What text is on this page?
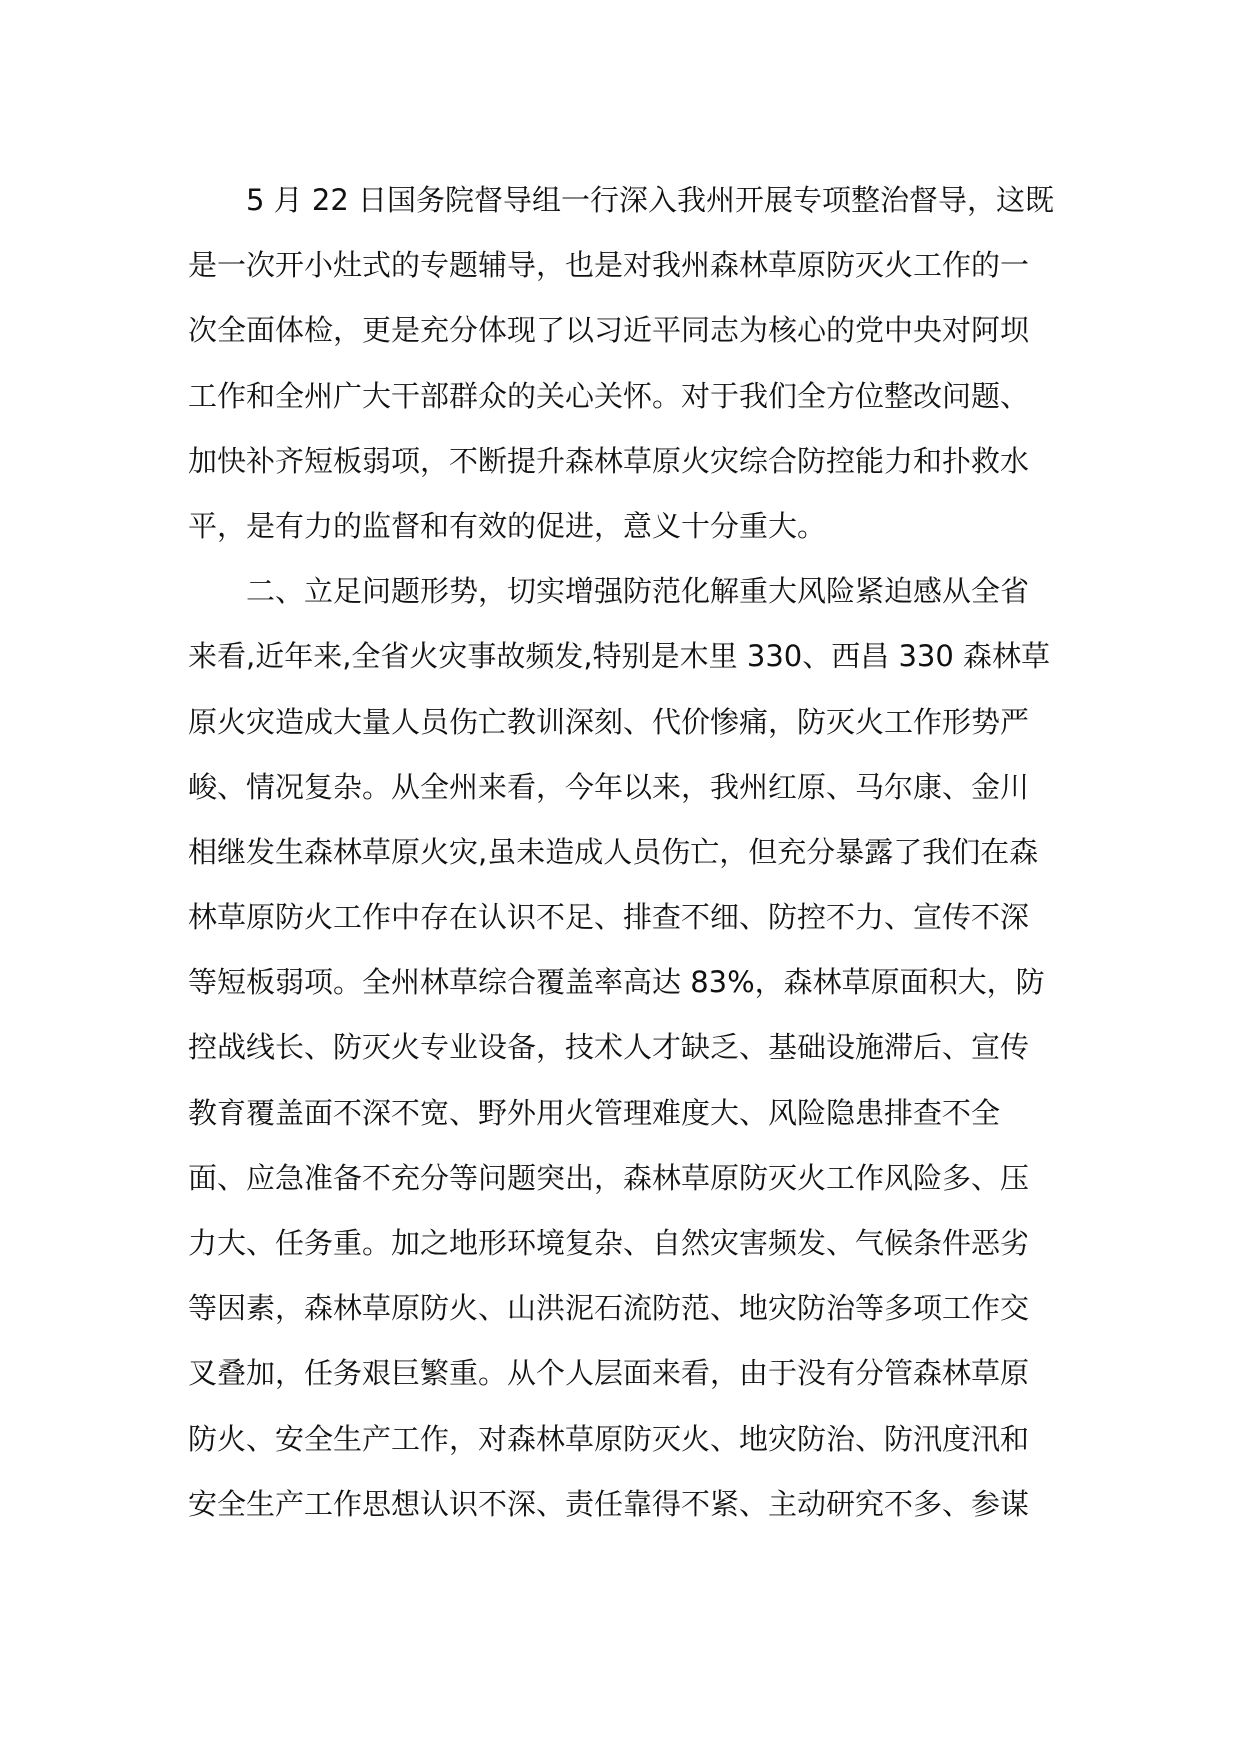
5 月 22 日国务院督导组一行深入我州开展专项整治督导，这既
是一次开小灶式的专题辅导，也是对我州森林草原防灭火工作的一
次全面体检，更是充分体现了以习近平同志为核心的党中央对阿坝
工作和全州广大干部群众的关心关怀。对于我们全方位整改问题、
加快补齐短板弱项，不断提升森林草原火灾综合防控能力和扑救水
平，是有力的监督和有效的促进，意义十分重大。
二、立足问题形势，切实增强防范化解重大风险紧迫感从全省
来看,近年来,全省火灾事故频发,特别是木里 330、西昌 330 森林草
原火灾造成大量人员伤亡教训深刻、代价惨痛，防灭火工作形势严
峻、情况复杂。从全州来看，今年以来，我州红原、马尔康、金川
相继发生森林草原火灾,虽未造成人员伤亡，但充分暴露了我们在森
林草原防火工作中存在认识不足、排查不细、防控不力、宣传不深
等短板弱项。全州林草综合覆盖率高达 83%，森林草原面积大，防
控战线长、防灭火专业设备，技术人才缺乏、基础设施滞后、宣传
教育覆盖面不深不宽、野外用火管理难度大、风险隐患排查不全
面、应急准备不充分等问题突出，森林草原防灭火工作风险多、压
力大、任务重。加之地形环境复杂、自然灾害频发、气候条件恶劣
等因素，森林草原防火、山洪泥石流防范、地灾防治等多项工作交
叉叠加，任务艰巨繁重。从个人层面来看，由于没有分管森林草原
防火、安全生产工作，对森林草原防灭火、地灾防治、防汛度汛和
安全生产工作思想认识不深、责任靠得不紧、主动研究不多、参谋
